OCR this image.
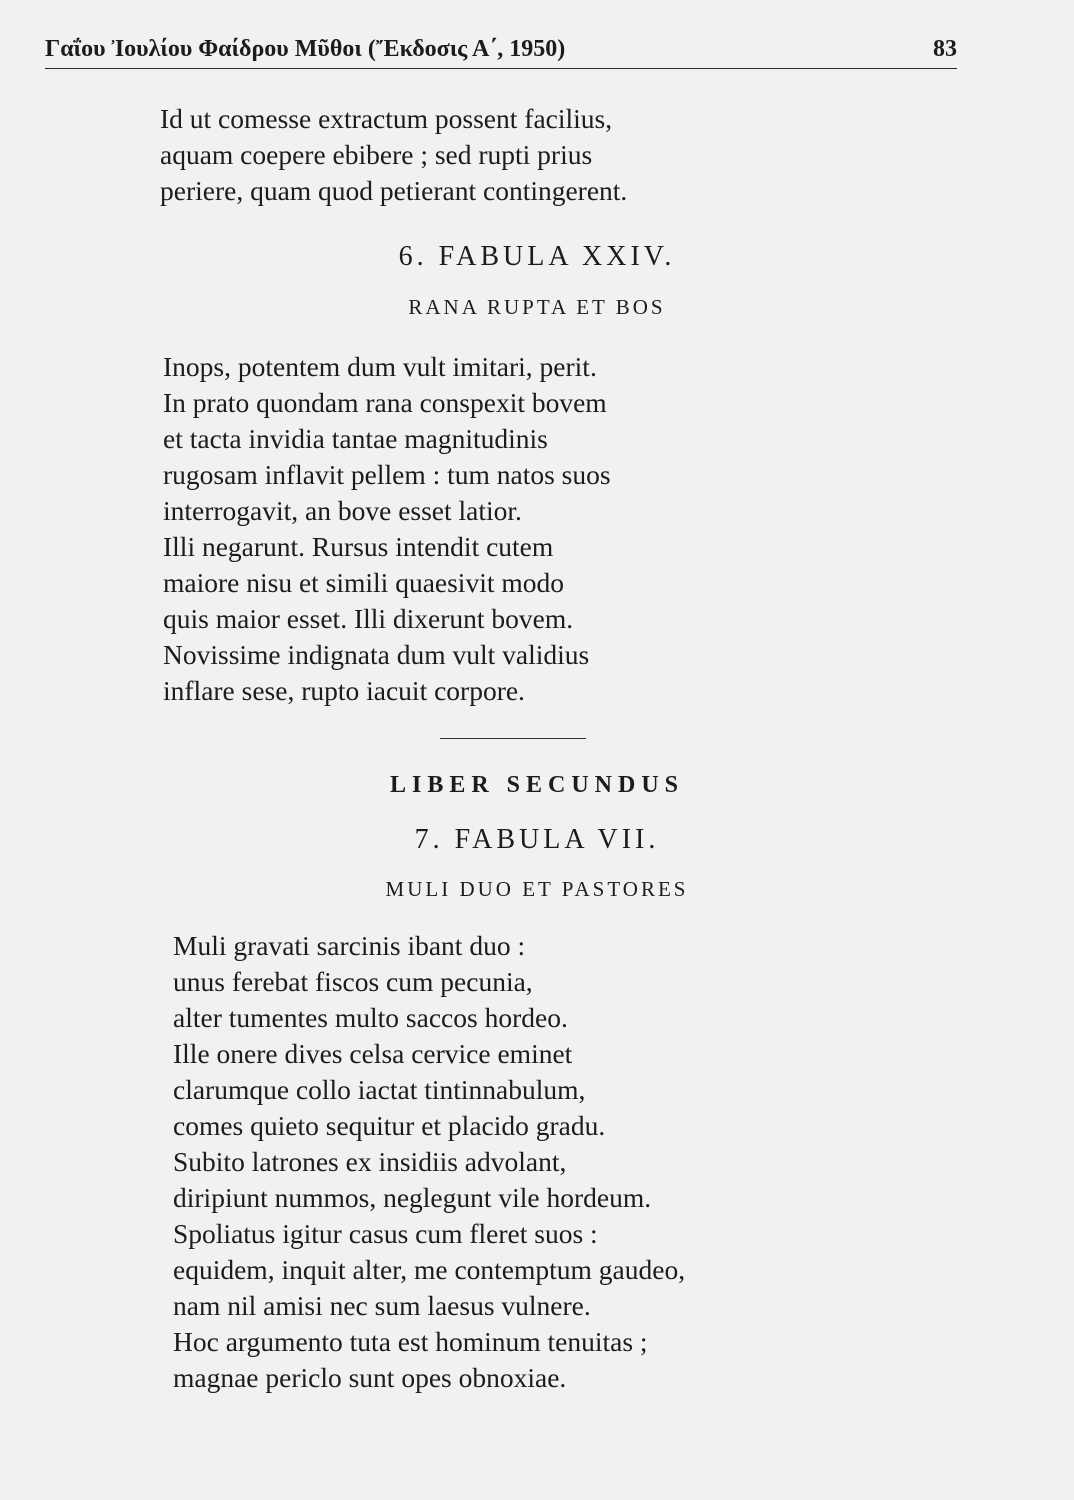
Γαΐου Ἰουλίου Φαίδρου Μῦθοι (Ἔκδοσις Α΄, 1950)	83
Id ut comesse extractum possent facilius,
aquam coepere ebibere ; sed rupti prius
periere, quam quod petierant contingerent.
6. FABULA XXIV.
RANA RUPTA ET BOS
Inops, potentem dum vult imitari, perit.
In prato quondam rana conspexit bovem
et tacta invidia tantae magnitudinis
rugosam inflavit pellem : tum natos suos
interrogavit, an bove esset latior.
Illi negarunt. Rursus intendit cutem
maiore nisu et simili quaesivit modo
quis maior esset. Illi dixerunt bovem.
Novissime indignata dum vult validius
inflare sese, rupto iacuit corpore.
LIBER SECUNDUS
7. FABULA VII.
MULI DUO ET PASTORES
Muli gravati sarcinis ibant duo :
unus ferebat fiscos cum pecunia,
alter tumentes multo saccos hordeo.
Ille onere dives celsa cervice eminet
clarumque collo iactat tintinnabulum,
comes quieto sequitur et placido gradu.
Subito latrones ex insidiis advolant,
diripiunt nummos, neglegunt vile hordeum.
Spoliatus igitur casus cum fleret suos :
equidem, inquit alter, me contemptum gaudeo,
nam nil amisi nec sum laesus vulnere.
Hoc argumento tuta est hominum tenuitas ;
magnae periclo sunt opes obnoxiae.
